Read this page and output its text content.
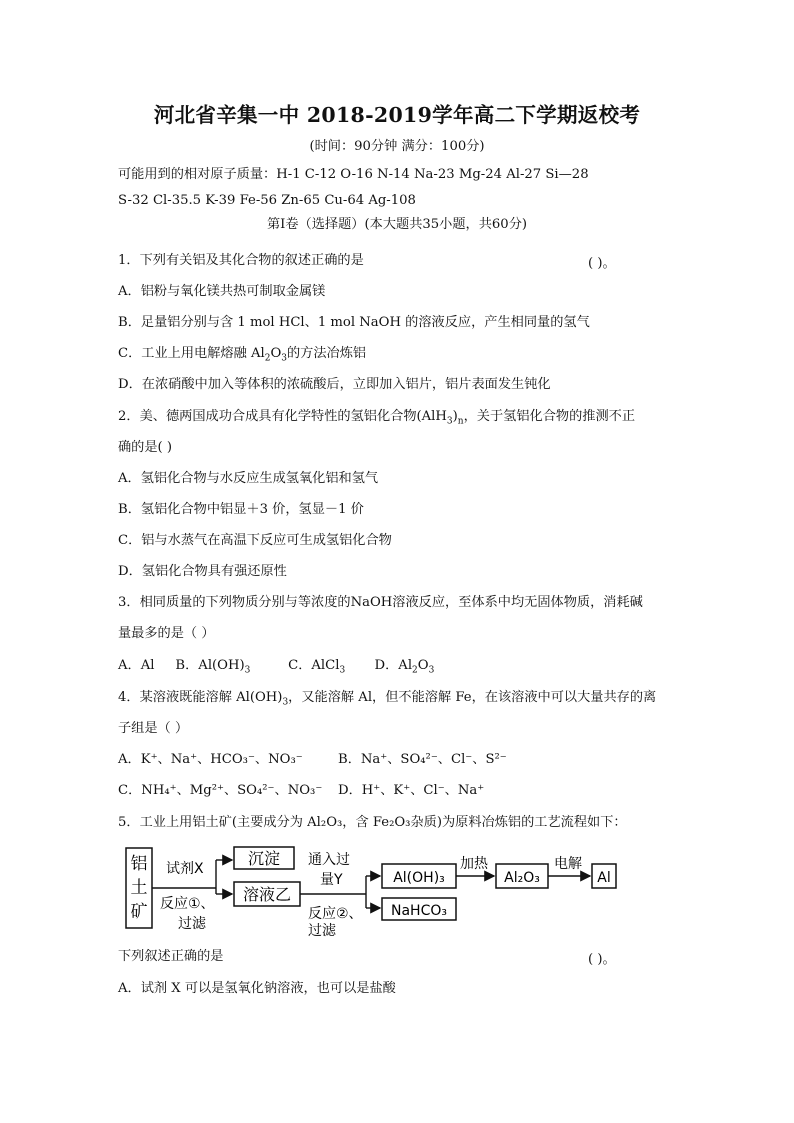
河北省辛集一中 2018-2019学年高二下学期返校考
(时间：90分钟 满分：100分)
可能用到的相对原子质量：H-1 C-12 O-16 N-14 Na-23 Mg-24 Al-27 Si—28
S-32 Cl-35.5 K-39 Fe-56 Zn-65 Cu-64 Ag-108
第Ⅰ卷（选择题）(本大题共35小题，共60分)
1．下列有关铝及其化合物的叙述正确的是	( )。
A．铝粉与氧化镁共热可制取金属镁
B．足量铝分别与含 1 mol HCl、1 mol NaOH 的溶液反应，产生相同量的氢气
C．工业上用电解熔融 $Al_2O_3$的方法冶炼铝
D．在浓硝酸中加入等体积的浓硫酸后，立即加入铝片，铝片表面发生钝化
2．美、德两国成功合成具有化学特性的氢铝化合物$(AlH_3)_n$，关于氢铝化合物的推测不正
确的是( )
A．氢铝化合物与水反应生成氢氧化铝和氢气
B．氢铝化合物中铝显＋3 价，氢显－1 价
C．铝与水蒸气在高温下反应可生成氢铝化合物
D．氢铝化合物具有强还原性
3．相同质量的下列物质分别与等浓度的NaOH溶液反应，至体系中均无固体物质，消耗碱
量最多的是（ ）
A．Al B．$Al(OH)_3$	C．AlCl$_3$ D．$Al_2O_3$
4．某溶液既能溶解 $Al(OH)_3$，又能溶解 Al，但不能溶解 Fe，在该溶液中可以大量共存的离
子组是（ ）
A．K⁺、Na⁺、HCO₃⁻、NO₃⁻	B．Na⁺、SO₄²⁻、Cl⁻、S²⁻
C．NH₄⁺、Mg²⁺、SO₄²⁻、NO₃⁻ D．H⁺、K⁺、Cl⁻、Na⁺
5．工业上用铝土矿(主要成分为 Al₂O₃，含 Fe₂O₃杂质)为原料冶炼铝的工艺流程如下：
铝
土
矿
试剂X
反应①、
过滤
沉淀
溶液乙
通入过
量Y
反应②、
过滤
Al(OH)₃
NaHCO₃
加热
Al₂O₃
电解
Al
下列叙述正确的是	( )。
A．试剂 X 可以是氢氧化钠溶液，也可以是盐酸
